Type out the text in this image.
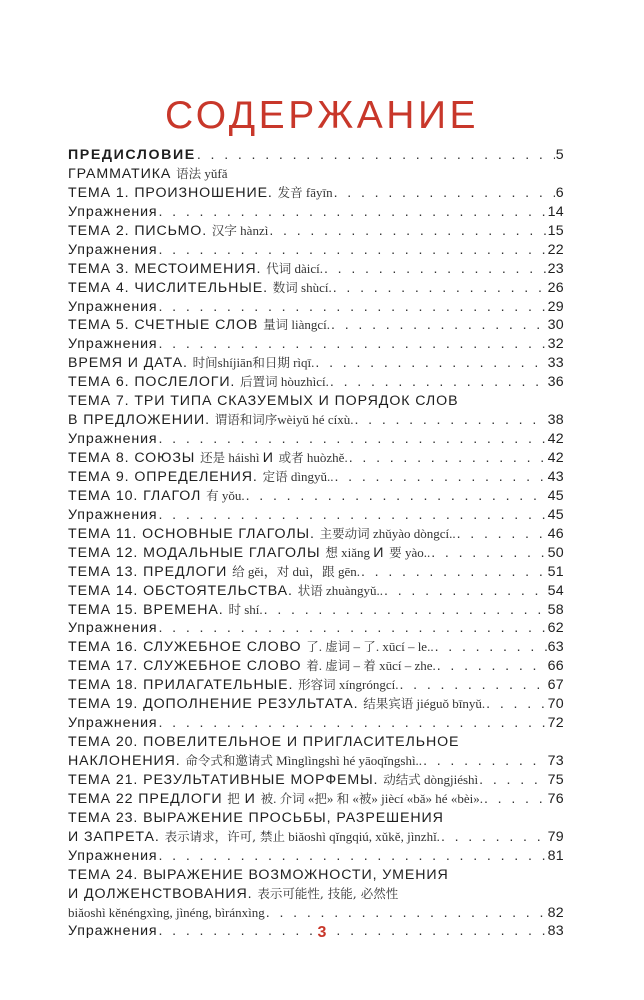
СОДЕРЖАНИЕ
ПРЕДИСЛОВИЕ . . .	5
ГРАММАТИКА 语法 yǔfǎ
ТЕМА 1. ПРОИЗНОШЕНИЕ. 发音 fāyīn . . .	6
Упражнения . . .	14
ТЕМА 2. ПИСЬМО. 汉字 hànzì . . .	15
Упражнения . . .	22
ТЕМА 3. МЕСТОИМЕНИЯ. 代词 dàicí. . . .	23
ТЕМА 4. ЧИСЛИТЕЛЬНЫЕ. 数词 shùcí. . . .	26
Упражнения . . .	29
ТЕМА 5. СЧЕТНЫЕ СЛОВ 量词 liàngcí. . . .	30
Упражнения . . .	32
ВРЕМЯ И ДАТА. 时间shíjiān和日期 rìqī. . . .	33
ТЕМА 6. ПОСЛЕЛОГИ. 后置词 hòuzhìcí. . . .	36
ТЕМА 7. ТРИ ТИПА СКАЗУЕМЫХ И ПОРЯДОК СЛОВ
В ПРЕДЛОЖЕНИИ. 谓语和词序wèiyǔ hé cíxù. . . .	38
Упражнения . . .	42
ТЕМА 8. СОЮЗЫ 还是 háishì И 或者 huòzhě. . . .	42
ТЕМА 9. ОПРЕДЕЛЕНИЯ. 定语 dìngyǔ.. . . .	43
ТЕМА 10. ГЛАГОЛ 有 yǒu. . . .	45
Упражнения . . .	45
ТЕМА 11. ОСНОВНЫЕ ГЛАГОЛЫ. 主要动词 zhǔyào dòngcí.. . . .	46
ТЕМА 12. МОДАЛЬНЫЕ ГЛАГОЛЫ 想 xiǎng И 要 yào.. . . .	50
ТЕМА 13. ПРЕДЛОГИ 给 gěi，对 duì，跟 gēn. . . .	51
ТЕМА 14. ОБСТОЯТЕЛЬСТВА. 状语 zhuàngyǔ.. . . .	54
ТЕМА 15. ВРЕМЕНА. 时 shí. . . .	58
Упражнения . . .	62
ТЕМА 16. СЛУЖЕБНОЕ СЛОВО 了. 虚词 – 了. xūcí – le.. . . .	63
ТЕМА 17. СЛУЖЕБНОЕ СЛОВО 着. 虚词 – 着 xūcí – zhe. . . .	66
ТЕМА 18. ПРИЛАГАТЕЛЬНЫЕ. 形容词 xíngróngcí. . . .	67
ТЕМА 19. ДОПОЛНЕНИЕ РЕЗУЛЬТАТА. 结果宾语 jiéguǒ bīnyǔ. . . .	70
Упражнения . . .	72
ТЕМА 20. ПОВЕЛИТЕЛЬНОЕ И ПРИГЛАСИТЕЛЬНОЕ
НАКЛОНЕНИЯ. 命令式和邀请式 Mìnglìngshì hé yāoqǐngshì.. . . .	73
ТЕМА 21. РЕЗУЛЬТАТИВНЫЕ МОРФЕМЫ. 动结式 dòngjiéshì . . .	75
ТЕМА 22 ПРЕДЛОГИ 把 И 被. 介词 «把» 和 «被» jiècí «bǎ» hé «bèi». . . .	76
ТЕМА 23. ВЫРАЖЕНИЕ ПРОСЬБЫ, РАЗРЕШЕНИЯ
И ЗАПРЕТА. 表示请求，许可, 禁止 biǎoshì qǐngqiú, xǔkě, jìnzhǐ. . . .	79
Упражнения . . .	81
ТЕМА 24. ВЫРАЖЕНИЕ ВОЗМОЖНОСТИ, УМЕНИЯ
И ДОЛЖЕНСТВОВАНИЯ. 表示可能性, 技能, 必然性
biǎoshì kěnéngxìng, jìnéng, bìránxìng . . .	82
Упражнения . . .	83
3
